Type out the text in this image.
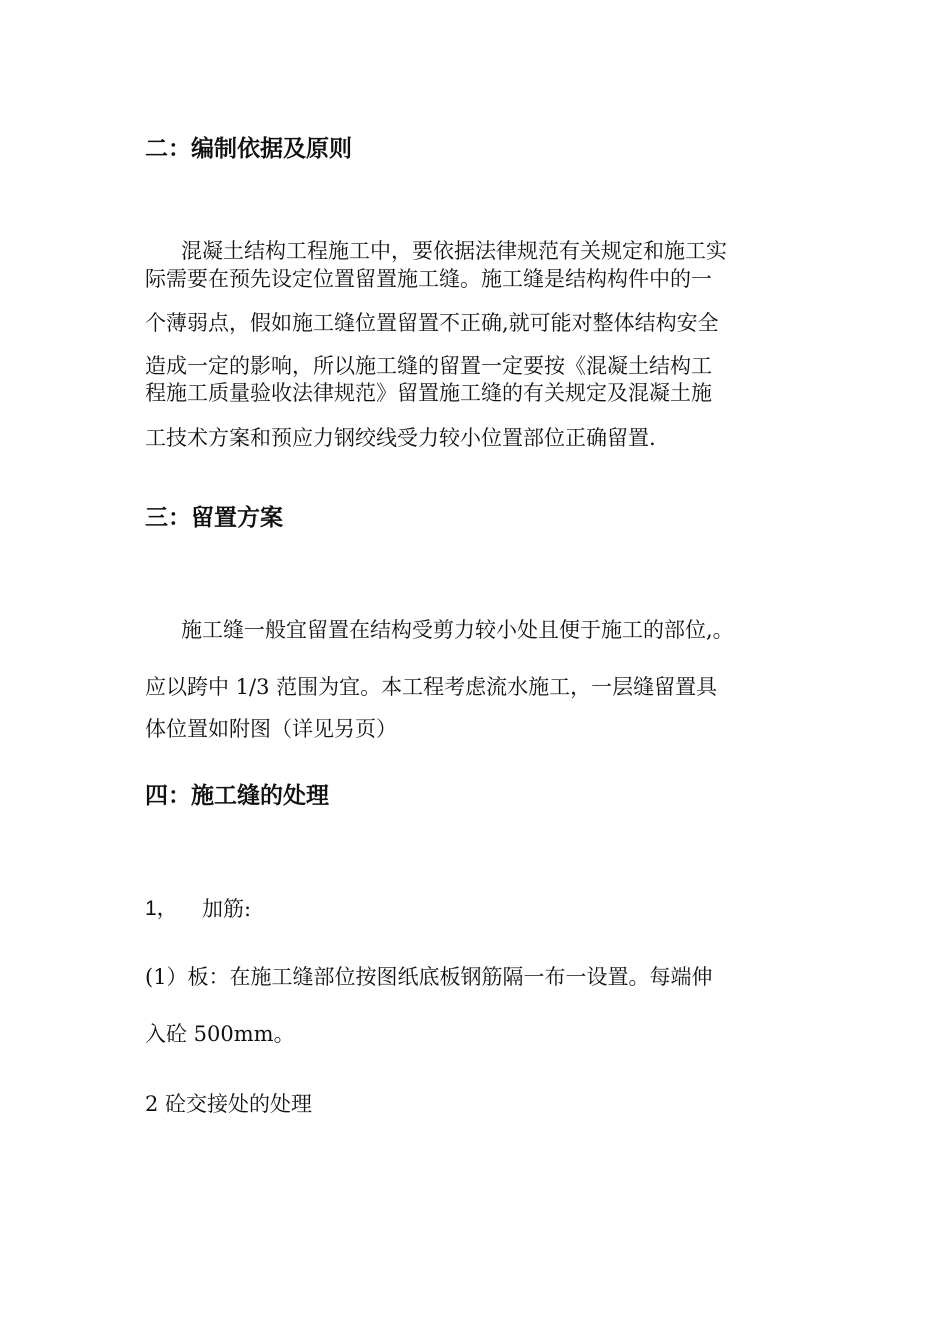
二：编制依据及原则
混凝土结构工程施工中，要依据法律规范有关规定和施工实
际需要在预先设定位置留置施工缝。施工缝是结构构件中的一
个薄弱点，假如施工缝位置留置不正确,就可能对整体结构安全
造成一定的影响，所以施工缝的留置一定要按《混凝土结构工
程施工质量验收法律规范》留置施工缝的有关规定及混凝土施
工技术方案和预应力钢绞线受力较小位置部位正确留置.
三：留置方案
施工缝一般宜留置在结构受剪力较小处且便于施工的部位,。
应以跨中 1/3 范围为宜。本工程考虑流水施工，一层缝留置具
体位置如附图（详见另页）
四：施工缝的处理
1， 加筋:
(1）板：在施工缝部位按图纸底板钢筋隔一布一设置。每端伸
入砼 500mm。
2 砼交接处的处理
